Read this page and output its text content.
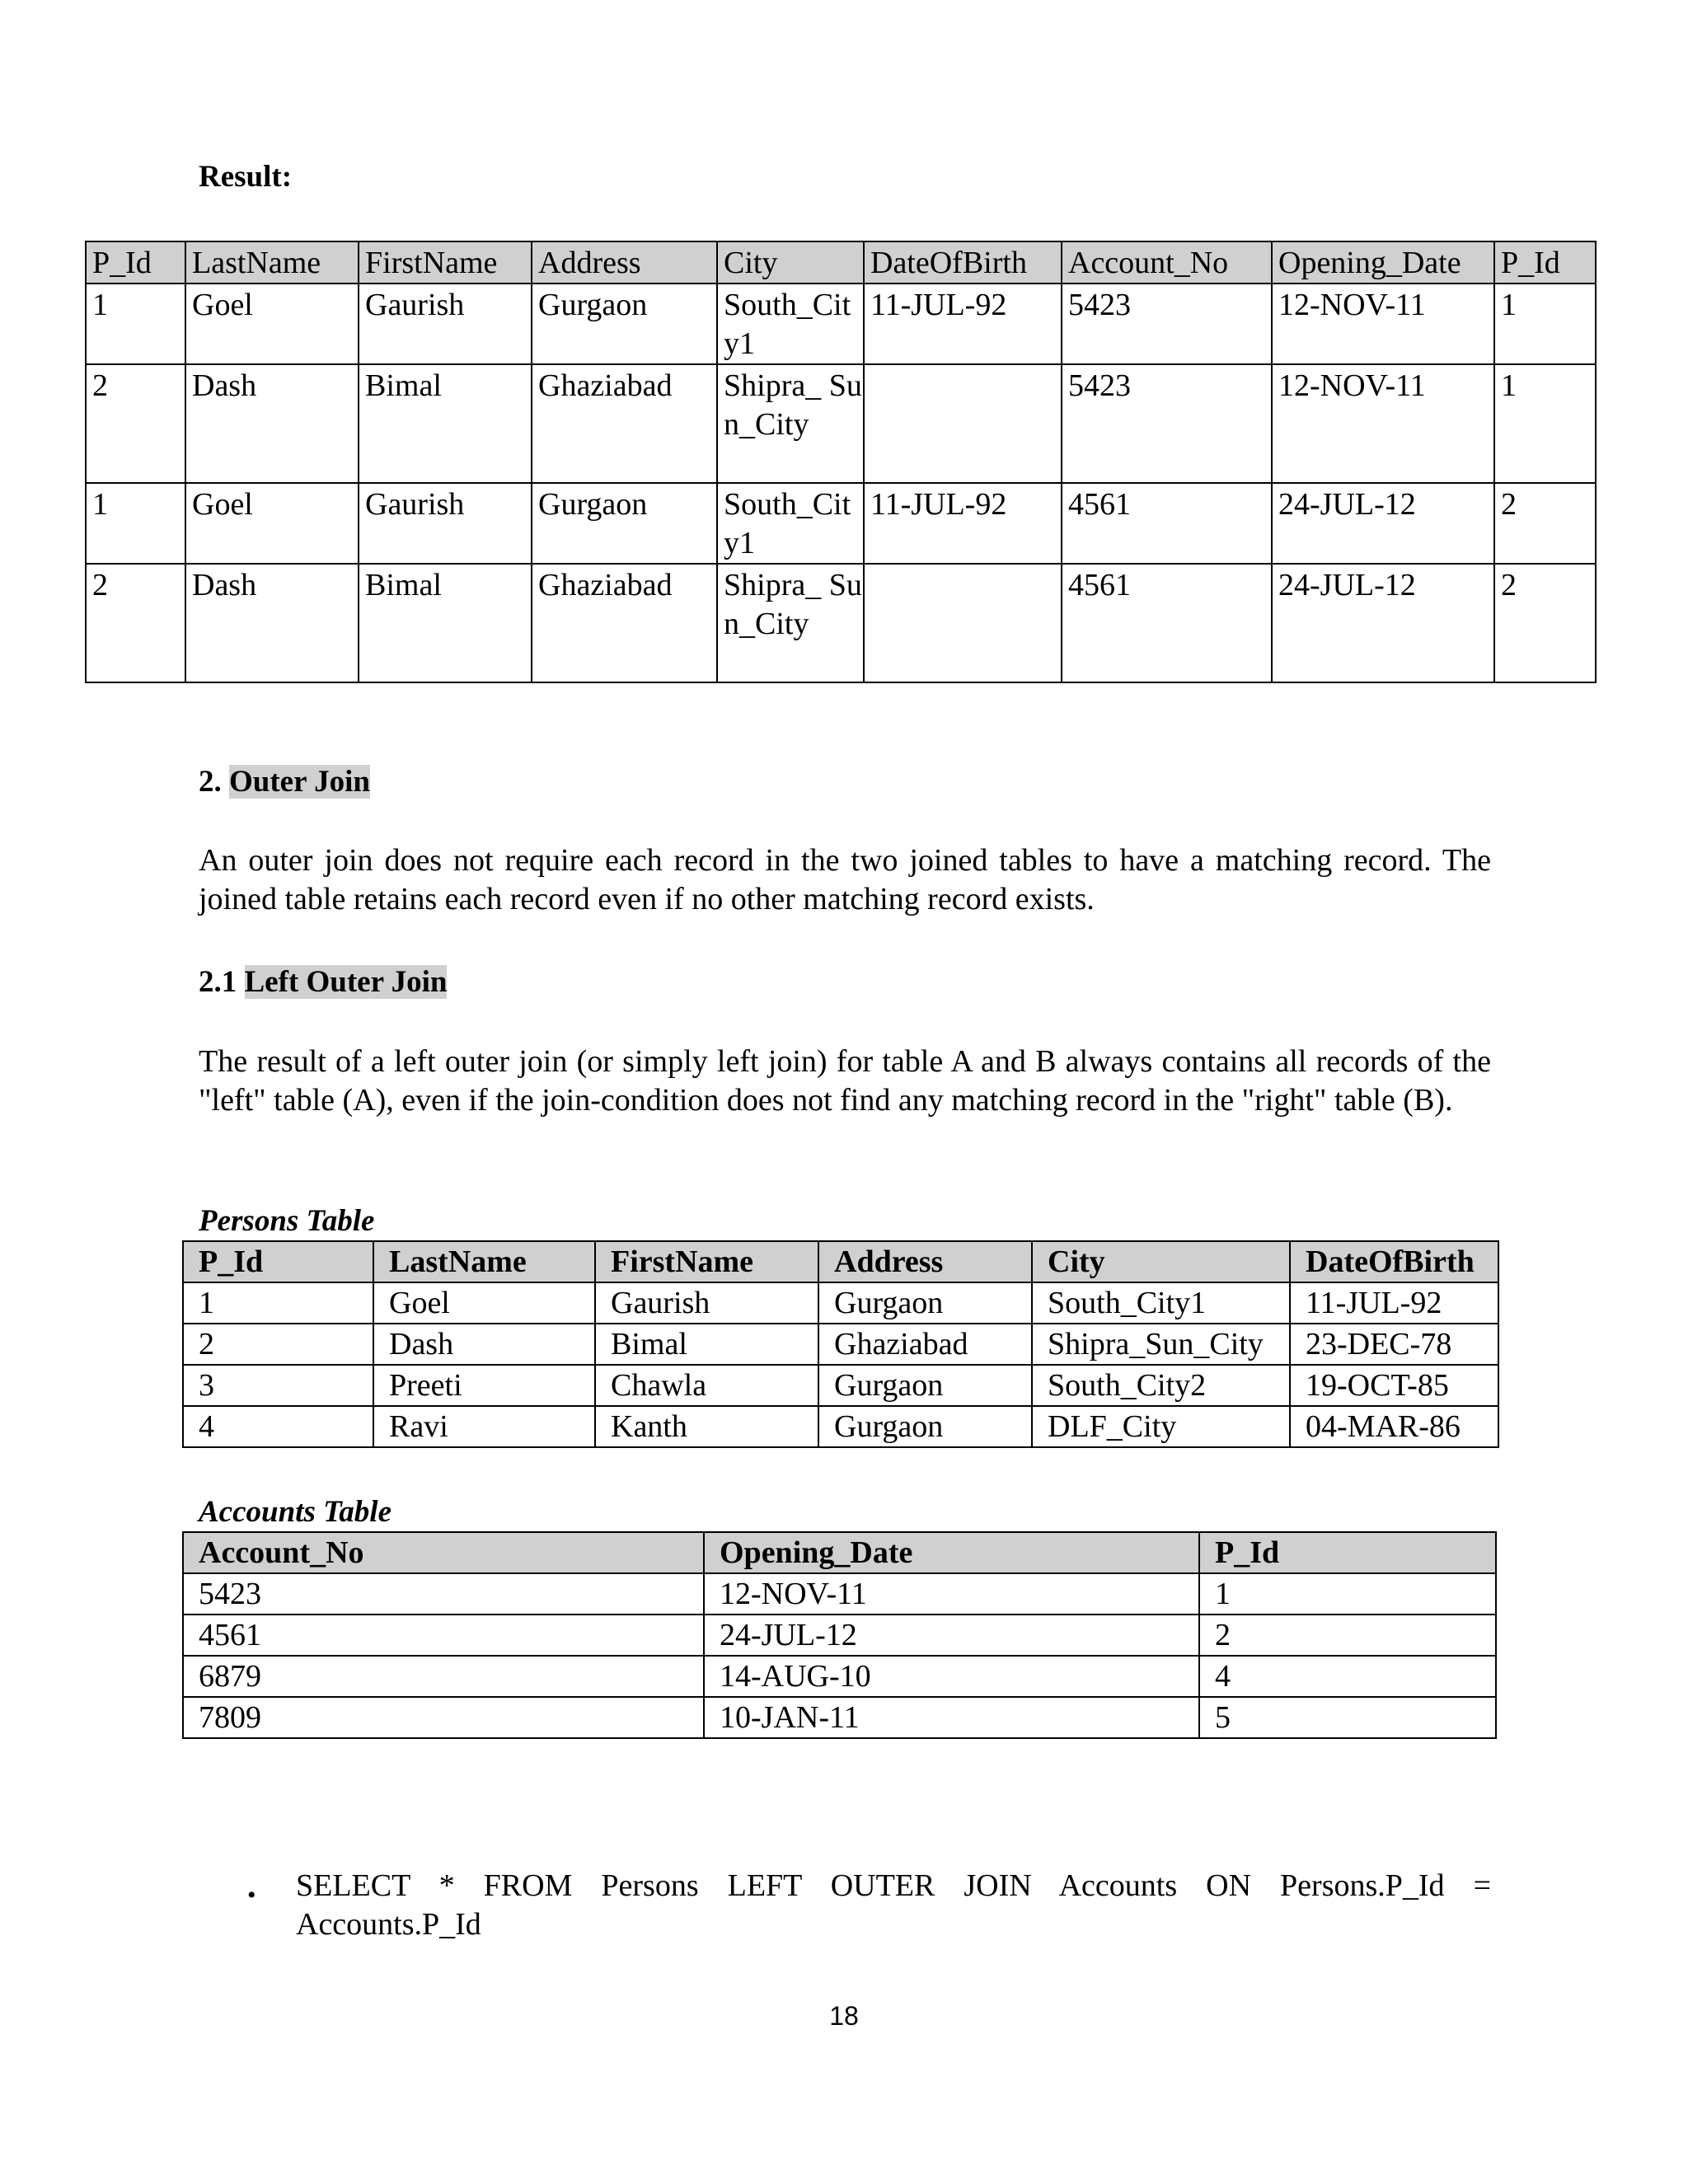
Result:
P_Id	LastName	FirstName	Address	City	DateOfBirth	Account_No	Opening_Date	P_Id
1	Goel	Gaurish	Gurgaon	South_City1	11-JUL-92	5423	12-NOV-11	1
2	Dash	Bimal	Ghaziabad	Shipra_ Sun_City		5423	12-NOV-11	1
1	Goel	Gaurish	Gurgaon	South_City1	11-JUL-92	4561	24-JUL-12	2
2	Dash	Bimal	Ghaziabad	Shipra_ Sun_City		4561	24-JUL-12	2
2. Outer Join
An outer join does not require each record in the two joined tables to have a matching record. The joined table retains each record even if no other matching record exists.
2.1 Left Outer Join
The result of a left outer join (or simply left join) for table A and B always contains all records of the "left" table (A), even if the join-condition does not find any matching record in the "right" table (B).
Persons Table
P_Id	LastName	FirstName	Address	City	DateOfBirth
1	Goel	Gaurish	Gurgaon	South_City1	11-JUL-92
2	Dash	Bimal	Ghaziabad	Shipra_Sun_City	23-DEC-78
3	Preeti	Chawla	Gurgaon	South_City2	19-OCT-85
4	Ravi	Kanth	Gurgaon	DLF_City	04-MAR-86
Accounts Table
Account_No	Opening_Date	P_Id
5423	12-NOV-11	1
4561	24-JUL-12	2
6879	14-AUG-10	4
7809	10-JAN-11	5
• SELECT * FROM Persons LEFT OUTER JOIN Accounts ON Persons.P_Id =
Accounts.P_Id
18
